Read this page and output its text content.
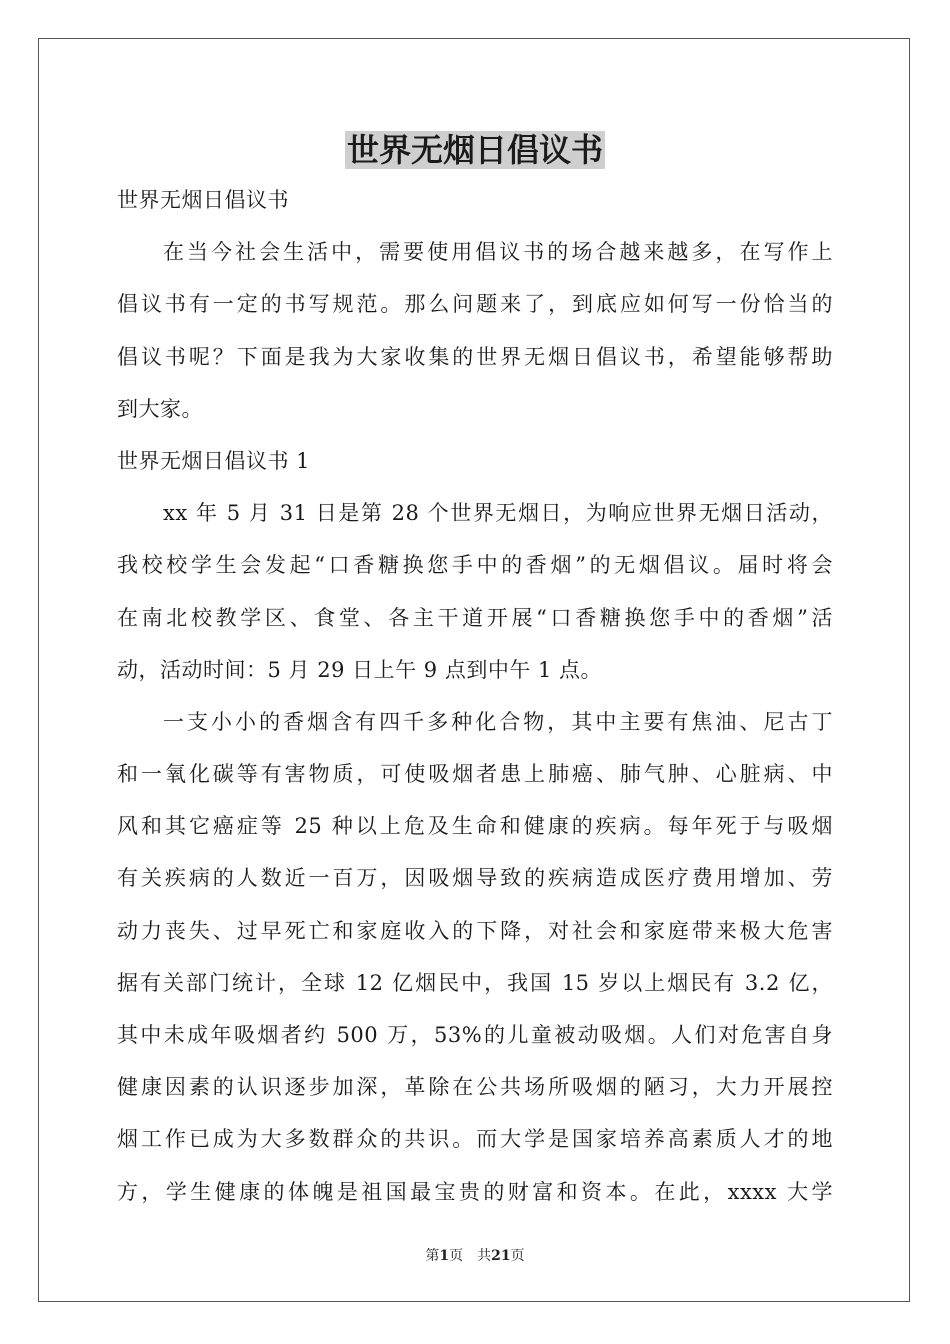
世界无烟日倡议书
世界无烟日倡议书
在当今社会生活中，需要使用倡议书的场合越来越多，在写作上
倡议书有一定的书写规范。那么问题来了，到底应如何写一份恰当的
倡议书呢？下面是我为大家收集的世界无烟日倡议书，希望能够帮助
到大家。
世界无烟日倡议书 1
xx 年 5 月 31 日是第 28 个世界无烟日，为响应世界无烟日活动，
我校校学生会发起“口香糖换您手中的香烟”的无烟倡议。届时将会
在南北校教学区、食堂、各主干道开展“口香糖换您手中的香烟”活
动，活动时间：5 月 29 日上午 9 点到中午 1 点。
一支小小的香烟含有四千多种化合物，其中主要有焦油、尼古丁
和一氧化碳等有害物质，可使吸烟者患上肺癌、肺气肿、心脏病、中
风和其它癌症等 25 种以上危及生命和健康的疾病。每年死于与吸烟
有关疾病的人数近一百万，因吸烟导致的疾病造成医疗费用增加、劳
动力丧失、过早死亡和家庭收入的下降，对社会和家庭带来极大危害
据有关部门统计，全球 12 亿烟民中，我国 15 岁以上烟民有 3.2 亿，
其中未成年吸烟者约 500 万，53%的儿童被动吸烟。人们对危害自身
健康因素的认识逐步加深，革除在公共场所吸烟的陋习，大力开展控
烟工作已成为大多数群众的共识。而大学是国家培养高素质人才的地
方，学生健康的体魄是祖国最宝贵的财富和资本。在此，xxxx 大学
第1页 共21页
